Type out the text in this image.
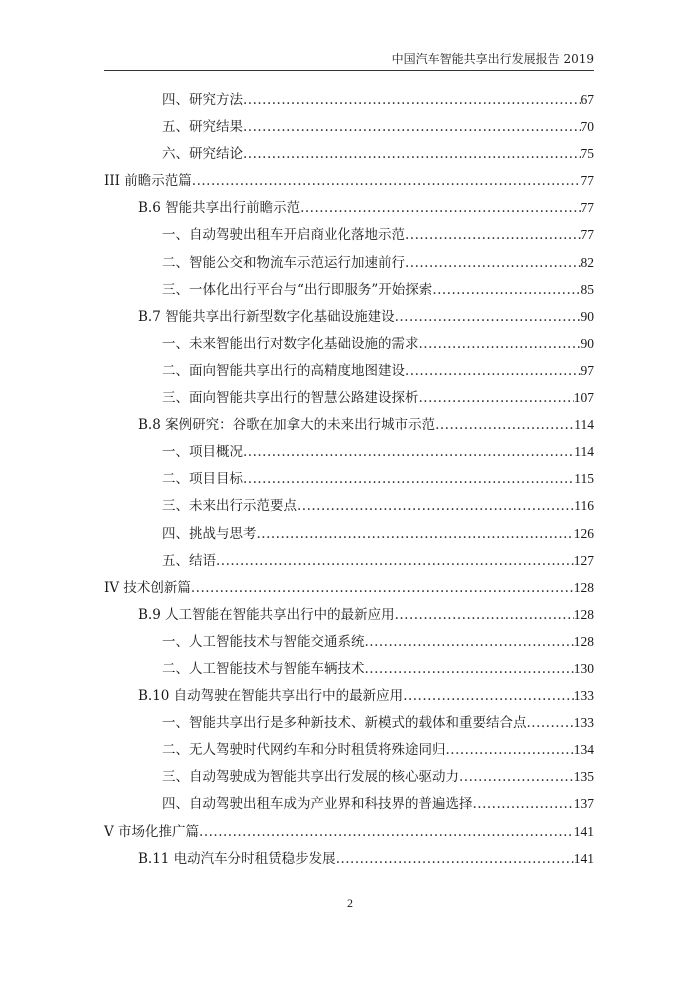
中国汽车智能共享出行发展报告 2019
四、研究方法 .....	67
五、研究结果 .....	70
六、研究结论 .....	75
III 前瞻示范篇 .....	77
B.6 智能共享出行前瞻示范 .....	77
一、自动驾驶出租车开启商业化落地示范 .....	77
二、智能公交和物流车示范运行加速前行 .....	82
三、一体化出行平台与“出行即服务”开始探索 .....	85
B.7 智能共享出行新型数字化基础设施建设 .....	90
一、未来智能出行对数字化基础设施的需求 .....	90
二、面向智能共享出行的高精度地图建设 .....	97
三、面向智能共享出行的智慧公路建设探析 .....	107
B.8 案例研究：谷歌在加拿大的未来出行城市示范 .....	114
一、项目概况 .....	114
二、项目目标 .....	115
三、未来出行示范要点 .....	116
四、挑战与思考 .....	126
五、结语 .....	127
IV 技术创新篇 .....	128
B.9 人工智能在智能共享出行中的最新应用 .....	128
一、人工智能技术与智能交通系统 .....	128
二、人工智能技术与智能车辆技术 .....	130
B.10 自动驾驶在智能共享出行中的最新应用 .....	133
一、智能共享出行是多种新技术、新模式的载体和重要结合点 .....	133
二、无人驾驶时代网约车和分时租赁将殊途同归 .....	134
三、自动驾驶成为智能共享出行发展的核心驱动力 .....	135
四、自动驾驶出租车成为产业界和科技界的普遍选择 .....	137
V 市场化推广篇 .....	141
B.11 电动汽车分时租赁稳步发展 .....	141
2
